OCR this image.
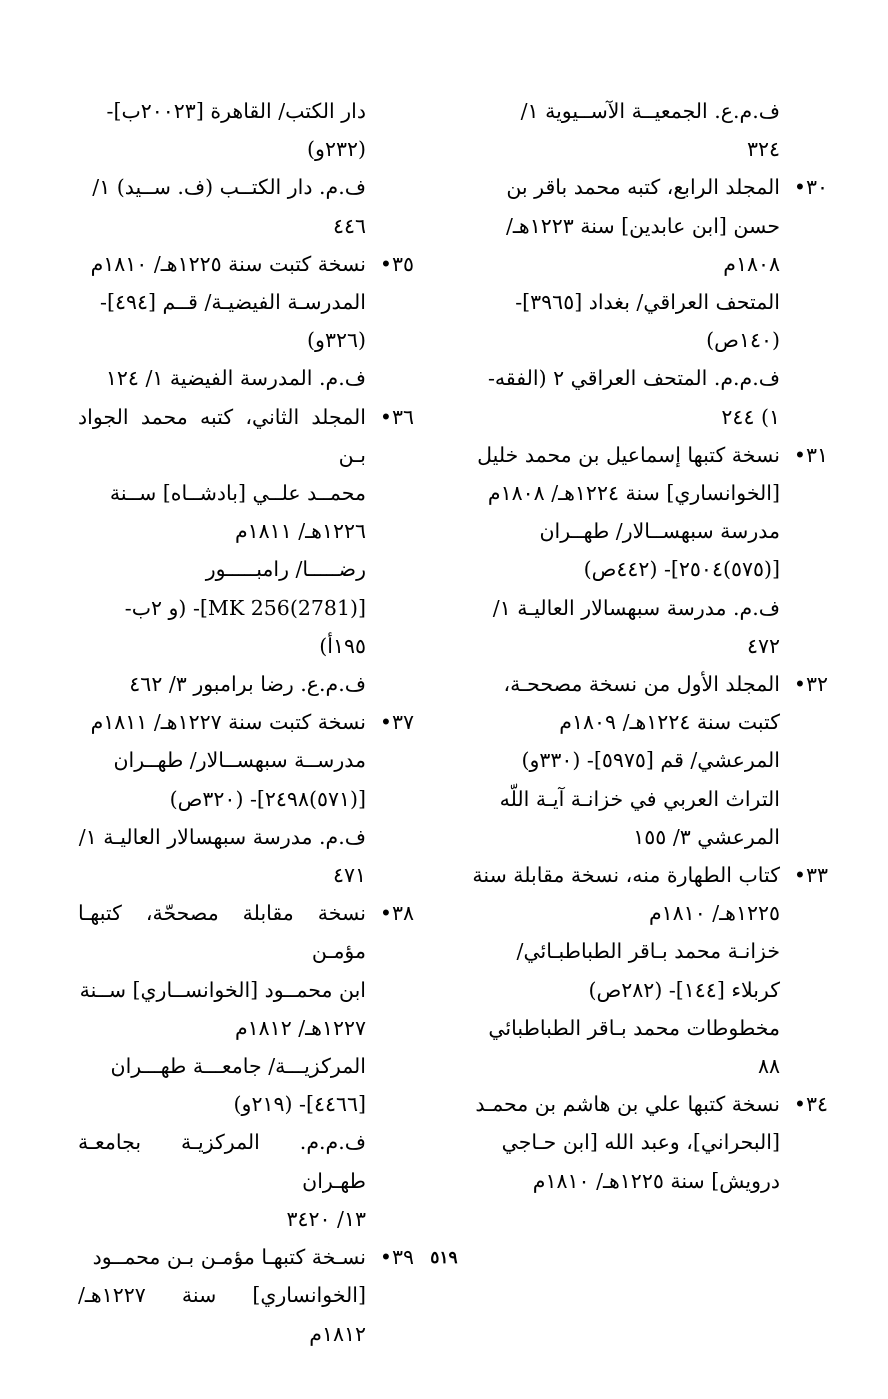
ف.م.ع. الجمعيــة الآســيوية ١/
٣٢٤
٣٠•
المجلد الرابع، كتبه محمد باقر بن
حسن [ابن عابدين] سنة ١٢٢٣هـ/
١٨٠٨م
المتحف العراقي/ بغداد [٣٩٦٥]-
(١٤٠ص)
ف.م.م. المتحف العراقي ٢ (الفقه-
١) ٢٤٤
٣١•
نسخة كتبها إسماعيل بن محمد خليل
[الخوانساري] سنة ١٢٢٤هـ/ ١٨٠٨م
مدرسة سبهســالار/ طهــران
[(٥٧٥)٢٥٠٤]- (٤٤٢ص)
ف.م. مدرسة سبهسالار العاليـة ١/
٤٧٢
٣٢•
المجلد الأول من نسخة مصححـة،
كتبت سنة ١٢٢٤هـ/ ١٨٠٩م
المرعشي/ قم [٥٩٧٥]- (٣٣٠و)
التراث العربي في خزانـة آيـة اللّه
المرعشي ٣/ ١٥٥
٣٣•
كتاب الطهارة منه، نسخة مقابلة سنة
١٢٢٥هـ/ ١٨١٠م
خزانـة محمد بـاقر الطباطبـائي/
كربلاء [١٤٤]- (٢٨٢ص)
مخطوطات محمد بـاقر الطباطبائي
٨٨
٣٤•
نسخة كتبها علي بن هاشم بن محمـد
[البحراني]، وعبد الله [ابن حـاجي
درويش] سنة ١٢٢٥هـ/ ١٨١٠م
دار الكتب/ القاهرة [٢٠٠٢٣ب]-
(٢٣٢و)
ف.م. دار الكتــب (ف. ســيد) ١/
٤٤٦
٣٥•
نسخة كتبت سنة ١٢٢٥هـ/ ١٨١٠م
المدرسـة الفيضيـة/ قــم [٤٩٤]-
(٣٢٦و)
ف.م. المدرسة الفيضية ١/ ١٢٤
٣٦•
المجلد الثاني، كتبه محمد الجواد بـن
محمــد علــي [بادشــاه] ســنة
١٢٢٦هـ/ ١٨١١م
رضـــــا/ رامبـــــور
[MK 256(2781)]- (و ٢ب-
١٩٥أ)
ف.م.ع. رضا برامبور ٣/ ٤٦٢
٣٧•
نسخة كتبت سنة ١٢٢٧هـ/ ١٨١١م
مدرســة سبهســالار/ طهــران
[(٥٧١)٢٤٩٨]- (٣٢٠ص)
ف.م. مدرسة سبهسالار العاليـة ١/
٤٧١
٣٨•
نسخة مقابلة مصححّة، كتبهـا مؤمـن
ابن محمــود [الخوانســاري] ســنة
١٢٢٧هـ/ ١٨١٢م
المركزيـــة/ جامعـــة طهـــران
[٤٤٦٦]- (٢١٩و)
ف.م.م. المركزيـة بجامعـة طهـران
١٣/ ٣٤٢٠
٣٩•
نسـخة كتبهـا مؤمـن بـن محمــود
[الخوانساري] سنة ١٢٢٧هـ/ ١٨١٢م
٥١٩
